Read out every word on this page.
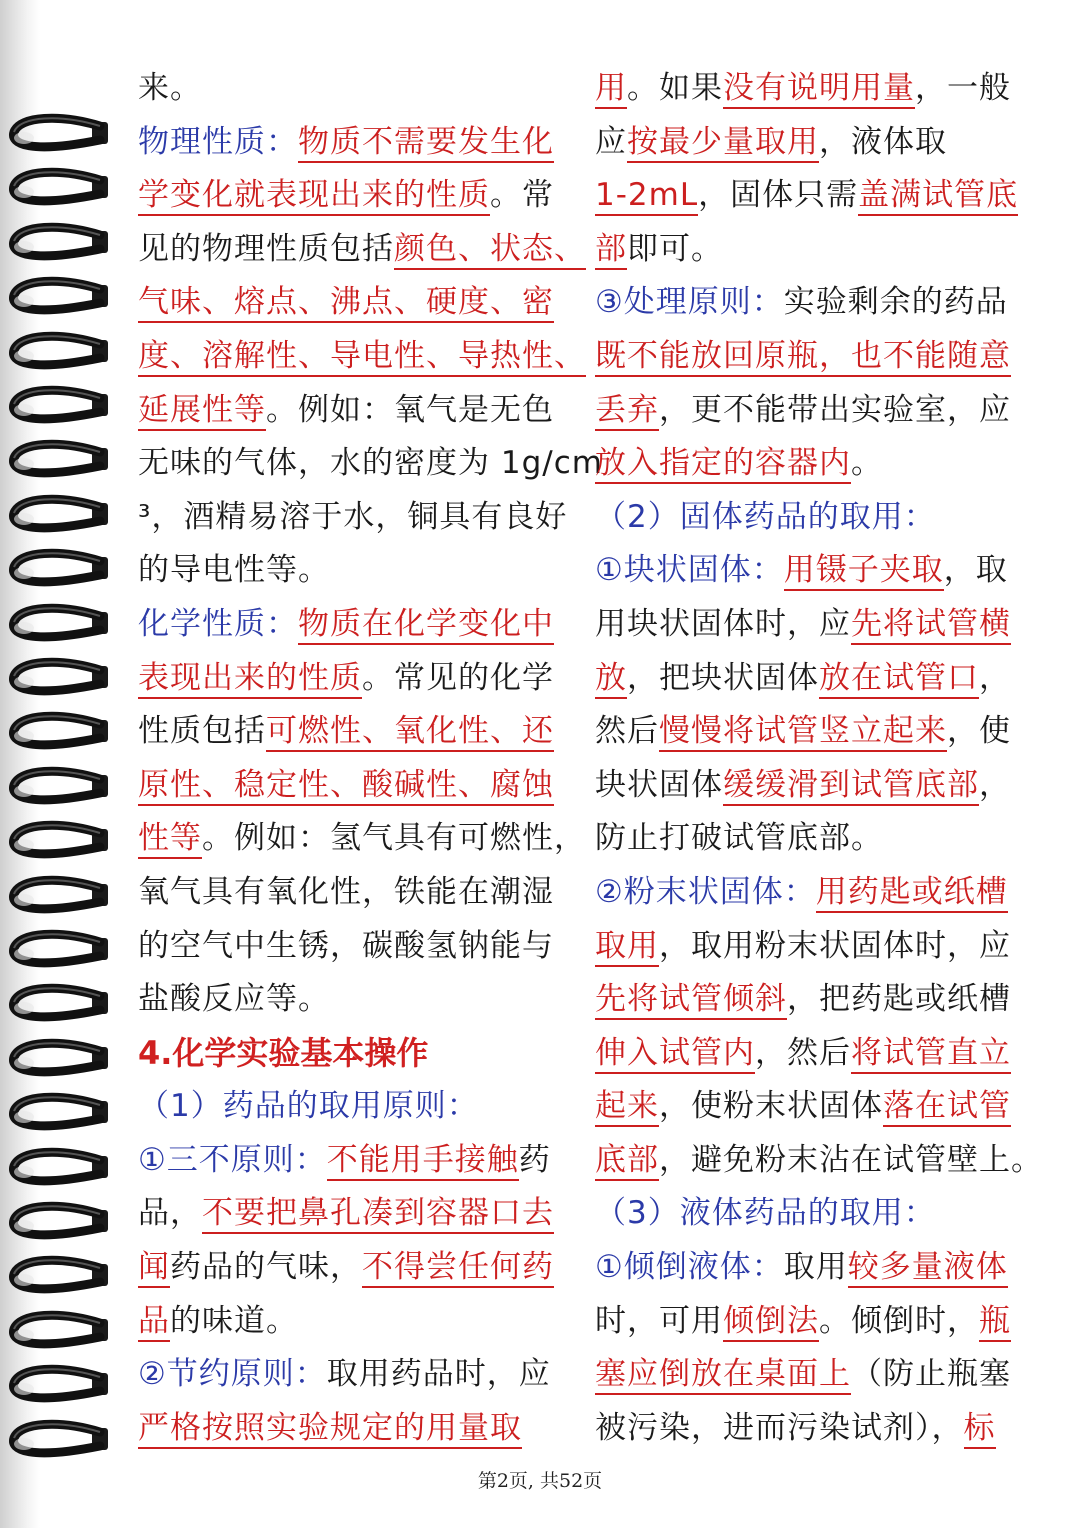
来。
物理性质：物质不需要发生化
学变化就表现出来的性质。常
见的物理性质包括颜色、状态、
气味、熔点、沸点、硬度、密
度、溶解性、导电性、导热性、
延展性等。例如：氧气是无色
无味的气体，水的密度为 1g/cm
³，酒精易溶于水，铜具有良好
的导电性等。
化学性质：物质在化学变化中
表现出来的性质。常见的化学
性质包括可燃性、氧化性、还
原性、稳定性、酸碱性、腐蚀
性等。例如：氢气具有可燃性，
氧气具有氧化性，铁能在潮湿
的空气中生锈，碳酸氢钠能与
盐酸反应等。
4.化学实验基本操作
（1）药品的取用原则：
①三不原则：不能用手接触药
品，不要把鼻孔凑到容器口去
闻药品的气味，不得尝任何药
品的味道。
②节约原则：取用药品时，应
严格按照实验规定的用量取
用。如果没有说明用量，一般
应按最少量取用，液体取
1-2mL，固体只需盖满试管底
部即可。
③处理原则：实验剩余的药品
既不能放回原瓶，也不能随意
丢弃，更不能带出实验室，应
放入指定的容器内。
（2）固体药品的取用：
①块状固体：用镊子夹取，取
用块状固体时，应先将试管横
放，把块状固体放在试管口，
然后慢慢将试管竖立起来，使
块状固体缓缓滑到试管底部，
防止打破试管底部。
②粉末状固体：用药匙或纸槽
取用，取用粉末状固体时，应
先将试管倾斜，把药匙或纸槽
伸入试管内，然后将试管直立
起来，使粉末状固体落在试管
底部，避免粉末沾在试管壁上。
（3）液体药品的取用：
①倾倒液体：取用较多量液体
时，可用倾倒法。倾倒时，瓶
塞应倒放在桌面上（防止瓶塞
被污染，进而污染试剂），标
第2页, 共52页
